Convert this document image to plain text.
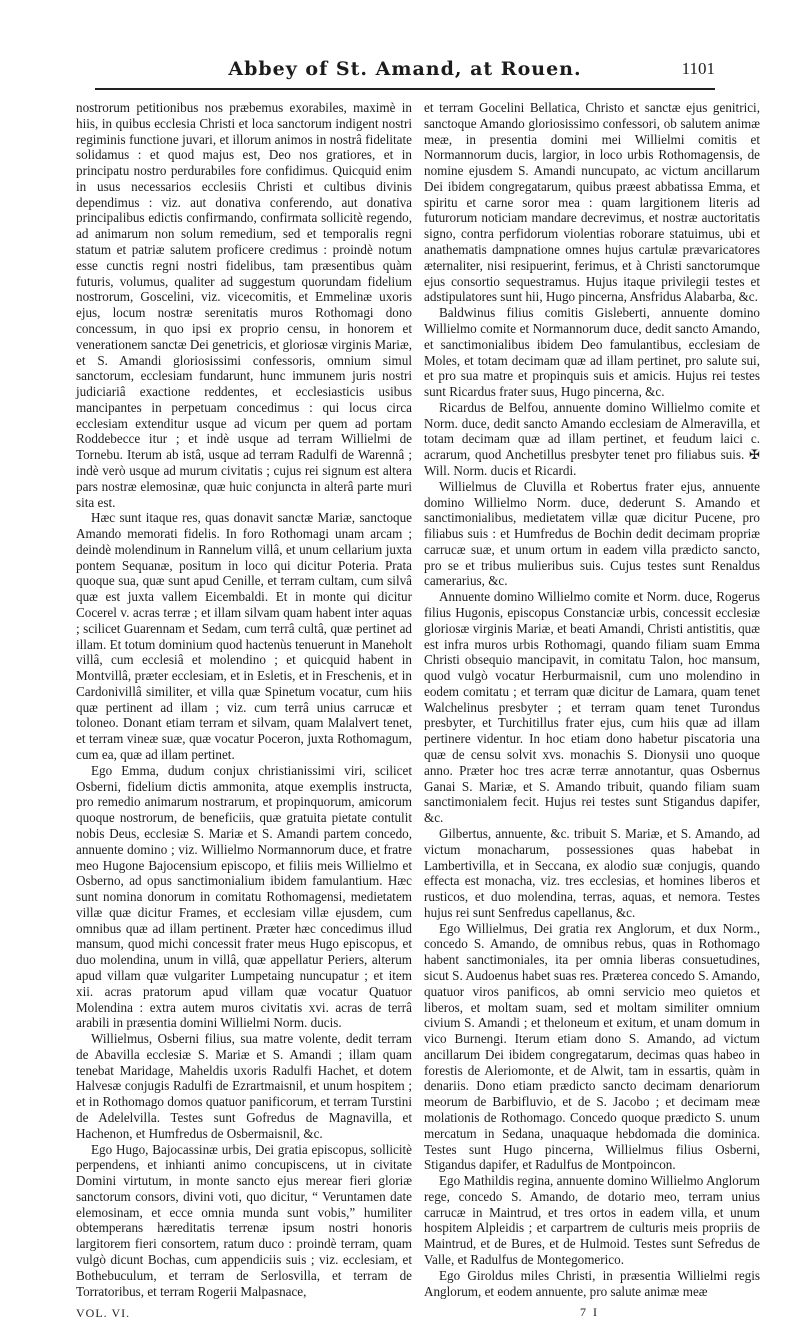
Abbey of St. Amand, at Rouen.	1101

nostrorum petitionibus nos præbemus exorabiles, maximè in hiis, in quibus ecclesia Christi et loca sanctorum indigent nostri regiminis functione juvari, et illorum animos in nostrâ fidelitate solidamus : et quod majus est, Deo nos gratiores, et in principatu nostro perdurabiles fore confidimus. Quicquid enim in usus necessarios ecclesiis Christi et cultibus divinis dependimus : viz. aut donativa conferendo, aut donativa principalibus edictis confirmando, confirmata sollicitè regendo, ad animarum non solum remedium, sed et temporalis regni statum et patriæ salutem proficere credimus : proindè notum esse cunctis regni nostri fidelibus, tam præsentibus quàm futuris, volumus, qualiter ad suggestum quorundam fidelium nostrorum, Goscelini, viz. vicecomitis, et Emmelinæ uxoris ejus, locum nostræ serenitatis muros Rothomagi dono concessum, in quo ipsi ex proprio censu, in honorem et venerationem sanctæ Dei genetricis, et gloriosæ virginis Mariæ, et S. Amandi gloriosissimi confessoris, omnium simul sanctorum, ecclesiam fundarunt, hunc immunem juris nostri judiciariâ exactione reddentes, et ecclesiasticis usibus mancipantes in perpetuam concedimus : qui locus circa ecclesiam extenditur usque ad vicum per quem ad portam Roddebecce itur ; et indè usque ad terram Willielmi de Tornebu. Iterum ab istâ, usque ad terram Radulfi de Warennâ ; indè verò usque ad murum civitatis ; cujus rei signum est altera pars nostræ elemosinæ, quæ huic conjuncta in alterâ parte muri sita est.

Hæc sunt itaque res, quas donavit sanctæ Mariæ, sanctoque Amando memorati fidelis. In foro Rothomagi unam arcam ; deindè molendinum in Rannelum villâ, et unum cellarium juxta pontem Sequanæ, positum in loco qui dicitur Poteria. Prata quoque sua, quæ sunt apud Cenille, et terram cultam, cum silvâ quæ est juxta vallem Eicembaldi. Et in monte qui dicitur Cocerel v. acras terræ ; et illam silvam quam habent inter aquas ; scilicet Guarennam et Sedam, cum terrâ cultâ, quæ pertinet ad illam. Et totum dominium quod hactenùs tenuerunt in Maneholt villâ, cum ecclesiâ et molendino ; et quicquid habent in Montvillâ, præter ecclesiam, et in Esletis, et in Freschenis, et in Cardonivillâ similiter, et villa quæ Spinetum vocatur, cum hiis quæ pertinent ad illam ; viz. cum terrâ unius carrucæ et toloneo. Donant etiam terram et silvam, quam Malalvert tenet, et terram vineæ suæ, quæ vocatur Poceron, juxta Rothomagum, cum ea, quæ ad illam pertinet.

Ego Emma, dudum conjux christianissimi viri, scilicet Osberni, fidelium dictis ammonita, atque exemplis instructa, pro remedio animarum nostrarum, et propinquorum, amicorum quoque nostrorum, de beneficiis, quæ gratuita pietate contulit nobis Deus, ecclesiæ S. Mariæ et S. Amandi partem concedo, annuente domino ; viz. Willielmo Normannorum duce, et fratre meo Hugone Bajocensium episcopo, et filiis meis Willielmo et Osberno, ad opus sanctimonialium ibidem famulantium. Hæc sunt nomina donorum in comitatu Rothomagensi, medietatem villæ quæ dicitur Frames, et ecclesiam villæ ejusdem, cum omnibus quæ ad illam pertinent. Præter hæc concedimus illud mansum, quod michi concessit frater meus Hugo episcopus, et duo molendina, unum in villâ, quæ appellatur Periers, alterum apud villam quæ vulgariter Lumpetaing nuncupatur ; et item xii. acras pratorum apud villam quæ vocatur Quatuor Molendina : extra autem muros civitatis xvi. acras de terrâ arabili in præsentia domini Willielmi Norm. ducis.

Willielmus, Osberni filius, sua matre volente, dedit terram de Abavilla ecclesiæ S. Mariæ et S. Amandi ; illam quam tenebat Maridage, Maheldis uxoris Radulfi Hachet, et dotem Halvesæ conjugis Radulfi de Ezrartmaisnil, et unum hospitem ; et in Rothomago domos quatuor panificorum, et terram Turstini de Adelelvilla. Testes sunt Gofredus de Magnavilla, et Hachenon, et Humfredus de Osbermaisnil, &c.

Ego Hugo, Bajocassinæ urbis, Dei gratia episcopus, sollicitè perpendens, et inhianti animo concupiscens, ut in civitate Domini virtutum, in monte sancto ejus merear fieri gloriæ sanctorum consors, divini voti, quo dicitur, “ Veruntamen date elemosinam, et ecce omnia munda sunt vobis,” humiliter obtemperans hæreditatis terrenæ ipsum nostri honoris largitorem fieri consortem, ratum duco : proindè terram, quam vulgò dicunt Bochas, cum appendiciis suis ; viz. ecclesiam, et Bothebuculum, et terram de Serlosvilla, et terram de Torratoribus, et terram Rogerii Malpasnace,

et terram Gocelini Bellatica, Christo et sanctæ ejus genitrici, sanctoque Amando gloriosissimo confessori, ob salutem animæ meæ, in presentia domini mei Willielmi comitis et Normannorum ducis, largior, in loco urbis Rothomagensis, de nomine ejusdem S. Amandi nuncupato, ac victum ancillarum Dei ibidem congregatarum, quibus præest abbatissa Emma, et spiritu et carne soror mea : quam largitionem literis ad futurorum noticiam mandare decrevimus, et nostræ auctoritatis signo, contra perfidorum violentias roborare statuimus, ubi et anathematis dampnatione omnes hujus cartulæ prævaricatores æternaliter, nisi resipuerint, ferimus, et à Christi sanctorumque ejus consortio sequestramus. Hujus itaque privilegii testes et adstipulatores sunt hii, Hugo pincerna, Ansfridus Alabarba, &c.

Baldwinus filius comitis Gisleberti, annuente domino Willielmo comite et Normannorum duce, dedit sancto Amando, et sanctimonialibus ibidem Deo famulantibus, ecclesiam de Moles, et totam decimam quæ ad illam pertinet, pro salute sui, et pro sua matre et propinquis suis et amicis. Hujus rei testes sunt Ricardus frater suus, Hugo pincerna, &c.

Ricardus de Belfou, annuente domino Willielmo comite et Norm. duce, dedit sancto Amando ecclesiam de Almeravilla, et totam decimam quæ ad illam pertinet, et feudum laici c. acrarum, quod Anchetillus presbyter tenet pro filiabus suis. ✠ Will. Norm. ducis et Ricardi.

Willielmus de Cluvilla et Robertus frater ejus, annuente domino Willielmo Norm. duce, dederunt S. Amando et sanctimonialibus, medietatem villæ quæ dicitur Pucene, pro filiabus suis : et Humfredus de Bochin dedit decimam propriæ carrucæ suæ, et unum ortum in eadem villa prædicto sancto, pro se et tribus mulieribus suis. Cujus testes sunt Renaldus camerarius, &c.

Annuente domino Willielmo comite et Norm. duce, Rogerus filius Hugonis, episcopus Constanciæ urbis, concessit ecclesiæ gloriosæ virginis Mariæ, et beati Amandi, Christi antistitis, quæ est infra muros urbis Rothomagi, quando filiam suam Emma Christi obsequio mancipavit, in comitatu Talon, hoc mansum, quod vulgò vocatur Herburmaisnil, cum uno molendino in eodem comitatu ; et terram quæ dicitur de Lamara, quam tenet Walchelinus presbyter ; et terram quam tenet Turondus presbyter, et Turchitillus frater ejus, cum hiis quæ ad illam pertinere videntur. In hoc etiam dono habetur piscatoria una quæ de censu solvit xvs. monachis S. Dionysii uno quoque anno. Præter hoc tres acræ terræ annotantur, quas Osbernus Ganai S. Mariæ, et S. Amando tribuit, quando filiam suam sanctimonialem fecit. Hujus rei testes sunt Stigandus dapifer, &c.

Gilbertus, annuente, &c. tribuit S. Mariæ, et S. Amando, ad victum monacharum, possessiones quas habebat in Lambertivilla, et in Seccana, ex alodio suæ conjugis, quando effecta est monacha, viz. tres ecclesias, et homines liberos et rusticos, et duo molendina, terras, aquas, et nemora. Testes hujus rei sunt Senfredus capellanus, &c.

Ego Willielmus, Dei gratia rex Anglorum, et dux Norm., concedo S. Amando, de omnibus rebus, quas in Rothomago habent sanctimoniales, ita per omnia liberas consuetudines, sicut S. Audoenus habet suas res. Præterea concedo S. Amando, quatuor viros panificos, ab omni servicio meo quietos et liberos, et moltam suam, sed et moltam similiter omnium civium S. Amandi ; et theloneum et exitum, et unam domum in vico Burnengi. Iterum etiam dono S. Amando, ad victum ancillarum Dei ibidem congregatarum, decimas quas habeo in forestis de Aleriomonte, et de Alwit, tam in essartis, quàm in denariis. Dono etiam prædicto sancto decimam denariorum meorum de Barbifluvio, et de S. Jacobo ; et decimam meæ molationis de Rothomago. Concedo quoque prædicto S. unum mercatum in Sedana, unaquaque hebdomada die dominica. Testes sunt Hugo pincerna, Willielmus filius Osberni, Stigandus dapifer, et Radulfus de Montpoincon.

Ego Mathildis regina, annuente domino Willielmo Anglorum rege, concedo S. Amando, de dotario meo, terram unius carrucæ in Maintrud, et tres ortos in eadem villa, et unum hospitem Alpleidis ; et carpartrem de culturis meis propriis de Maintrud, et de Bures, et de Hulmoid. Testes sunt Sefredus de Valle, et Radulfus de Montegomerico.

Ego Giroldus miles Christi, in præsentia Willielmi regis Anglorum, et eodem annuente, pro salute animæ meæ

VOL. VI.	7 I
